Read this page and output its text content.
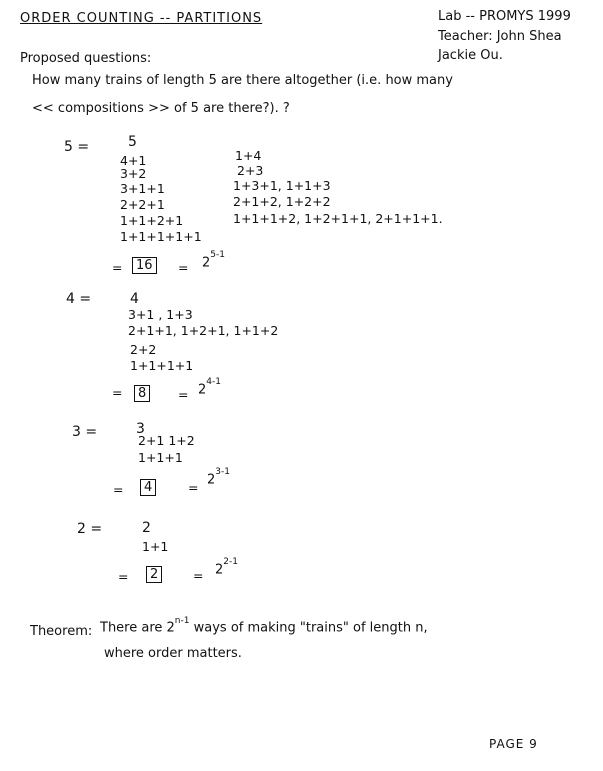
ORDER COUNTING -- PARTITIONS	Lab -- PROMYS 1999
Teacher: John Shea
Jackie Ou.
Proposed questions:
How many trains of length 5 are there altogether (i.e. how many
<< compositions >> of 5 are there?). ?
5 =	5
4+1
3+2
3+1+1
2+2+1
1+1+2+1
1+1+1+1+1
1+4
2+3
1+3+1, 1+1+3
2+1+2, 1+2+2
1+1+1+2, 1+2+1+1, 2+1+1+1.
=	16	= $2^{5-1}$
4 =	4
3+1 , 1+3
2+1+1, 1+2+1, 1+1+2
2+2
1+1+1+1
=	8	= $2^{4-1}$
3 =	3
2+1 1+2
1+1+1
=	4	=
$2^{3-1}$
2 =	2
1+1
=	2	= $2^{2-1}$
Theorem: There are 2$^{n-1}$ ways of making "trains" of length n,
where order matters.
PAGE 9
